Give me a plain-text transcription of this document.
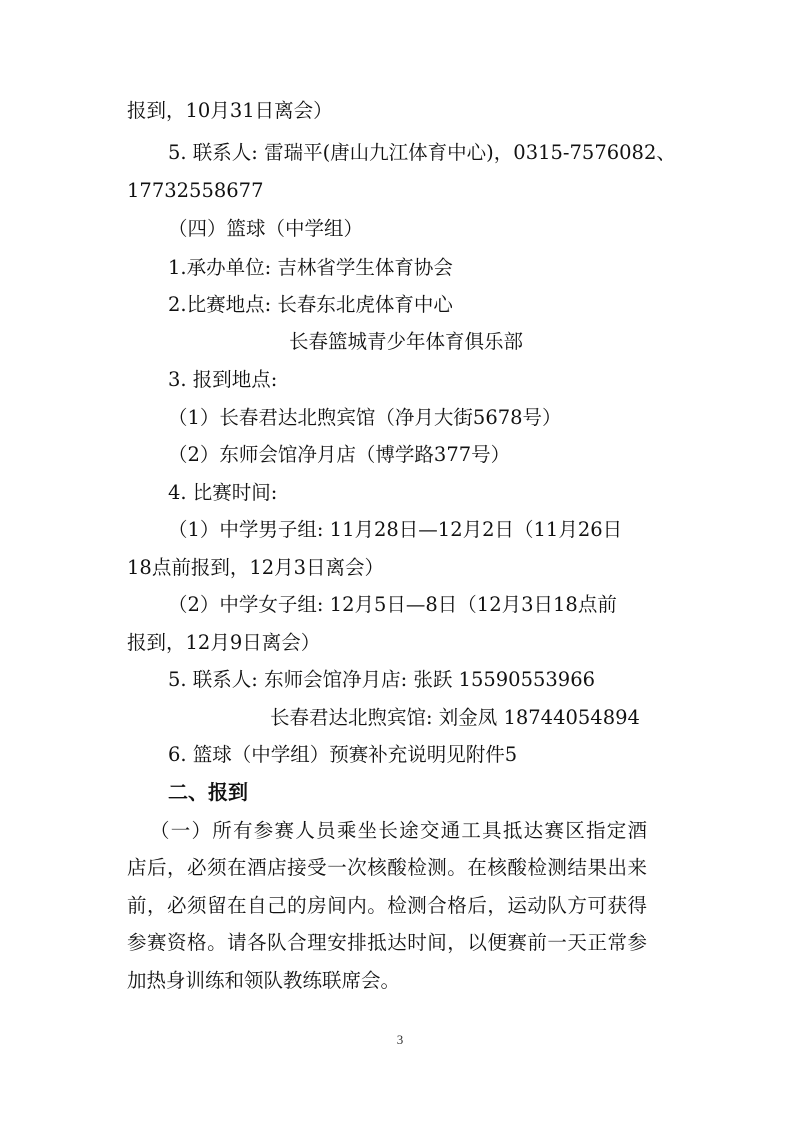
报到，10月31日离会）
5. 联系人: 雷瑞平(唐山九江体育中心)，0315-7576082、
17732558677
（四）篮球（中学组）
1.承办单位: 吉林省学生体育协会
2.比赛地点: 长春东北虎体育中心
长春篮城青少年体育俱乐部
3. 报到地点:
（1）长春君达北煦宾馆（净月大街5678号）
（2）东师会馆净月店（博学路377号）
4. 比赛时间:
（1）中学男子组: 11月28日—12月2日（11月26日
18点前报到，12月3日离会）
（2）中学女子组: 12月5日—8日（12月3日18点前
报到，12月9日离会）
5. 联系人: 东师会馆净月店: 张跃 15590553966
长春君达北煦宾馆: 刘金凤 18744054894
6. 篮球（中学组）预赛补充说明见附件5
二、报到
（一）所有参赛人员乘坐长途交通工具抵达赛区指定酒
店后，必须在酒店接受一次核酸检测。在核酸检测结果出来
前，必须留在自己的房间内。检测合格后，运动队方可获得
参赛资格。请各队合理安排抵达时间，以便赛前一天正常参
加热身训练和领队教练联席会。
3
